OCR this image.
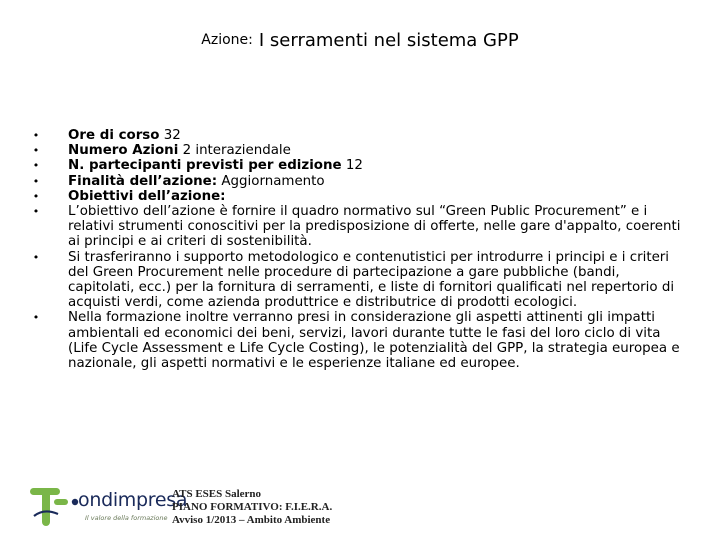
Azione: I serramenti nel sistema GPP
• Ore di corso 32
• Numero Azioni 2 interaziendale
• N. partecipanti previsti per edizione 12
• Finalità dell’azione: Aggiornamento
• Obiettivi dell’azione:
• L’obiettivo dell’azione è fornire il quadro normativo sul “Green Public Procurement” e i relativi strumenti conoscitivi per la predisposizione di offerte, nelle gare d'appalto, coerenti ai principi e ai criteri di sostenibilità.
• Si trasferiranno i supporto metodologico e contenutistici per introdurre i principi e i criteri del Green Procurement nelle procedure di partecipazione a gare pubbliche (bandi, capitolati, ecc.) per la fornitura di serramenti, e liste di fornitori qualificati nel repertorio di acquisti verdi, come azienda produttrice e distributrice di prodotti ecologici.
• Nella formazione inoltre verranno presi in considerazione gli aspetti attinenti gli impatti ambientali ed economici dei beni, servizi, lavori durante tutte le fasi del loro ciclo di vita (Life Cycle Assessment e Life Cycle Costing), le potenzialità del GPP, la strategia europea e nazionale, gli aspetti normativi e le esperienze italiane ed europee.
ondimpresa
Il valore della formazione
ATS ESES Salerno
PIANO FORMATIVO: F.I.E.R.A.
Avviso 1/2013 – Ambito Ambiente
